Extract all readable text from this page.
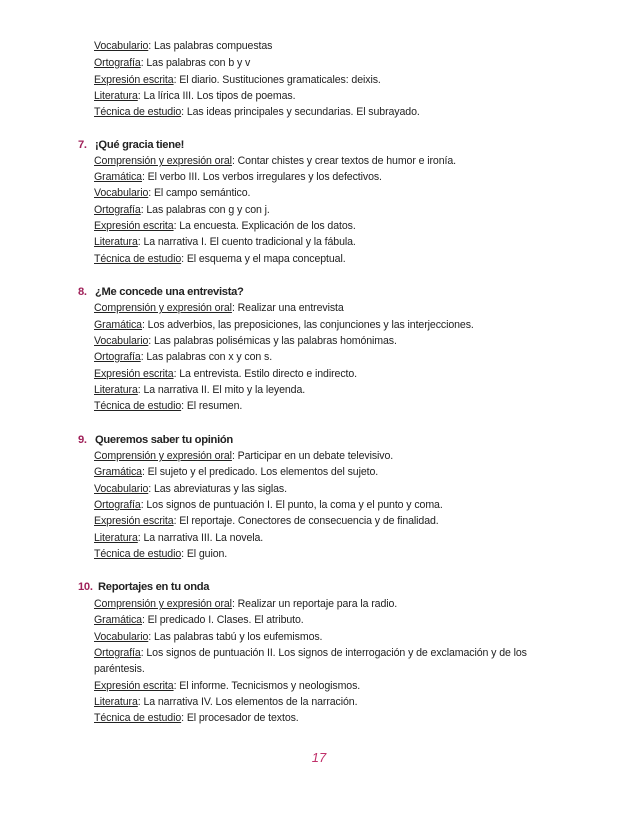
Vocabulario: Las palabras compuestas
Ortografía: Las palabras con b y v
Expresión escrita: El diario. Sustituciones gramaticales: deixis.
Literatura: La lírica III. Los tipos de poemas.
Técnica de estudio: Las ideas principales y secundarias. El subrayado.
7. ¡Qué gracia tiene!
Comprensión y expresión oral: Contar chistes y crear textos de humor e ironía.
Gramática: El verbo III. Los verbos irregulares y los defectivos.
Vocabulario: El campo semántico.
Ortografía: Las palabras con g y con j.
Expresión escrita: La encuesta. Explicación de los datos.
Literatura: La narrativa I. El cuento tradicional y la fábula.
Técnica de estudio: El esquema y el mapa conceptual.
8. ¿Me concede una entrevista?
Comprensión y expresión oral: Realizar una entrevista
Gramática: Los adverbios, las preposiciones, las conjunciones y las interjecciones.
Vocabulario: Las palabras polisémicas y las palabras homónimas.
Ortografía: Las palabras con x y con s.
Expresión escrita: La entrevista. Estilo directo e indirecto.
Literatura: La narrativa II. El mito y la leyenda.
Técnica de estudio: El resumen.
9. Queremos saber tu opinión
Comprensión y expresión oral: Participar en un debate televisivo.
Gramática: El sujeto y el predicado. Los elementos del sujeto.
Vocabulario: Las abreviaturas y las siglas.
Ortografía: Los signos de puntuación I. El punto, la coma y el punto y coma.
Expresión escrita: El reportaje. Conectores de consecuencia y de finalidad.
Literatura: La narrativa III. La novela.
Técnica de estudio: El guion.
10. Reportajes en tu onda
Comprensión y expresión oral: Realizar un reportaje para la radio.
Gramática: El predicado I. Clases. El atributo.
Vocabulario: Las palabras tabú y los eufemismos.
Ortografía: Los signos de puntuación II. Los signos de interrogación y de exclamación y de los
paréntesis.
Expresión escrita: El informe. Tecnicismos y neologismos.
Literatura: La narrativa IV. Los elementos de la narración.
Técnica de estudio: El procesador de textos.
17
